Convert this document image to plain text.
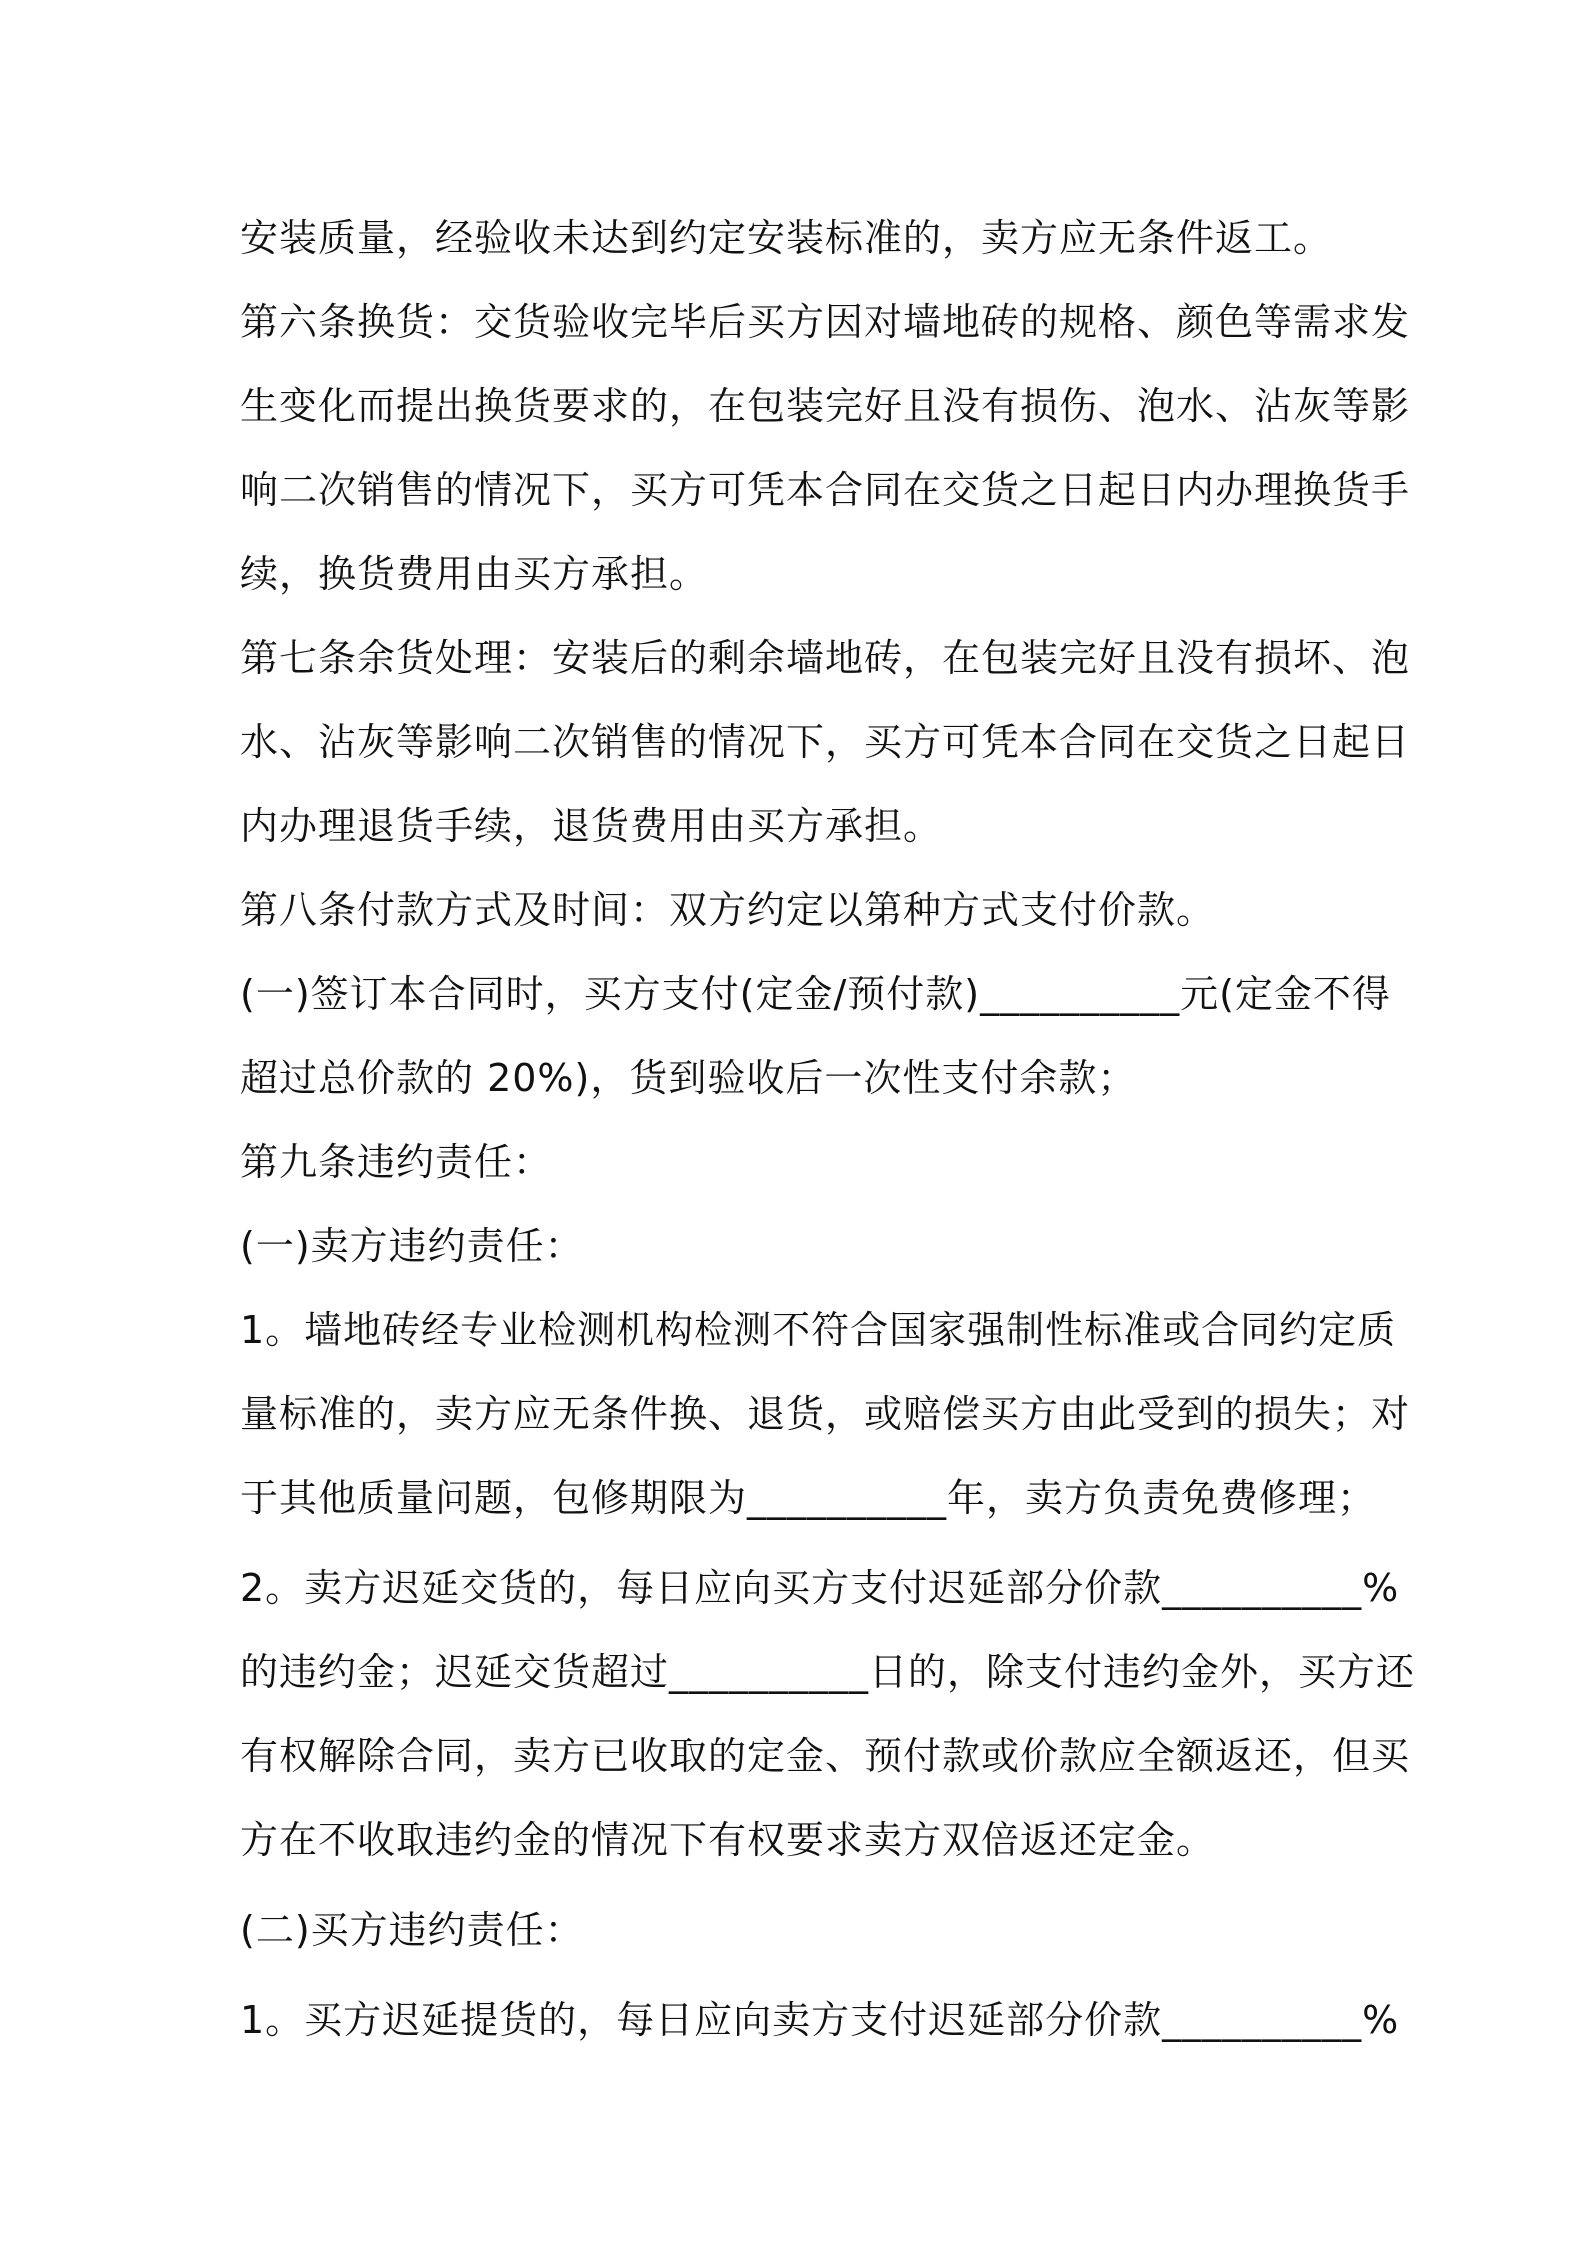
安装质量，经验收未达到约定安装标准的，卖方应无条件返工。
第六条换货：交货验收完毕后买方因对墙地砖的规格、颜色等需求发
生变化而提出换货要求的，在包装完好且没有损伤、泡水、沾灰等影
响二次销售的情况下，买方可凭本合同在交货之日起日内办理换货手
续，换货费用由买方承担。
第七条余货处理：安装后的剩余墙地砖，在包装完好且没有损坏、泡
水、沾灰等影响二次销售的情况下，买方可凭本合同在交货之日起日
内办理退货手续，退货费用由买方承担。
第八条付款方式及时间：双方约定以第种方式支付价款。
(一)签订本合同时，买方支付(定金/预付款)__________元(定金不得
超过总价款的 20%)，货到验收后一次性支付余款；
第九条违约责任：
(一)卖方违约责任：
1。墙地砖经专业检测机构检测不符合国家强制性标准或合同约定质
量标准的，卖方应无条件换、退货，或赔偿买方由此受到的损失；对
于其他质量问题，包修期限为__________年，卖方负责免费修理；
2。卖方迟延交货的，每日应向买方支付迟延部分价款__________%
的违约金；迟延交货超过__________日的，除支付违约金外，买方还
有权解除合同，卖方已收取的定金、预付款或价款应全额返还，但买
方在不收取违约金的情况下有权要求卖方双倍返还定金。
(二)买方违约责任：
1。买方迟延提货的，每日应向卖方支付迟延部分价款__________%
